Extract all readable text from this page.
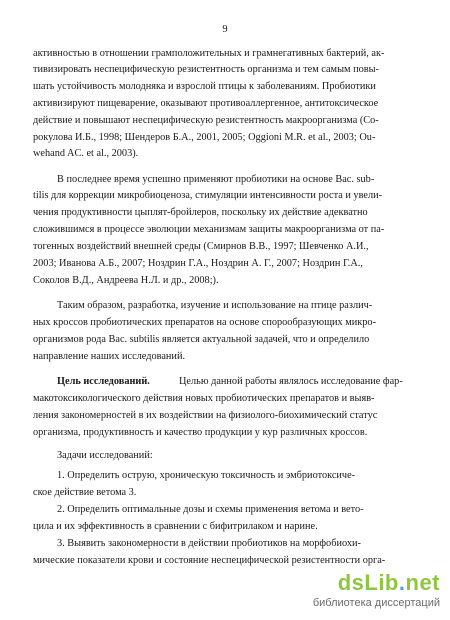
9
активностью в отношении грамположительных и грамнегативных бактерий, ак-
тивизировать неспецифическую резистентность организма и тем самым повы-
шать устойчивость молодняка и взрослой птицы к заболеваниям. Пробиотики
активизируют пищеварение, оказывают противоаллергенное, антитоксическое
действие и повышают неспецифическую резистентность макроорганизма (Со-
рокулова И.Б., 1998; Шендеров Б.А., 2001, 2005; Oggioni M.R. et al., 2003; Ou-
wehand AC. et al., 2003).
В последнее время успешно применяют пробиотики на основе Bac. sub-
tilis для коррекции микробиоценоза, стимуляции интенсивности роста и увели-
чения продуктивности цыплят-бройлеров, поскольку их действие адекватно
сложившимся в процессе эволюции механизмам защиты макроорганизма от па-
тогенных воздействий внешней среды (Смирнов В.В., 1997; Шевченко А.И.,
2003; Иванова А.Б., 2007; Ноздрин Г.А., Ноздрин А. Г., 2007; Ноздрин Г.А.,
Соколов В.Д., Андреева Н.Л. и др., 2008;).
Таким образом, разработка, изучение и использование на птице различ-
ных кроссов пробиотических препаратов на основе спорообразующих микро-
организмов рода Bac. subtilis является актуальной задачей, что и определило
направление наших исследований.
Цель исследований.	Целью данной работы являлось исследование фар-
макотоксикологического действия новых пробиотических препаратов и выяв-
ления закономерностей в их воздействии на физиолого-биохимический статус
организма, продуктивность и качество продукции у кур различных кроссов.
Задачи исследований:
1. Определить острую, хроническую токсичность и эмбриотоксиче-
ское действие ветома 3.
2. Определить оптимальные дозы и схемы применения ветома и вето-
цила и их эффективность в сравнении с бифитрилаком и нарине.
3. Выявить закономерности в действии пробиотиков на морфобиохи-
мические показатели крови и состояние неспецифической резистентности орга-
dsLib.net
библиотека диссертаций
